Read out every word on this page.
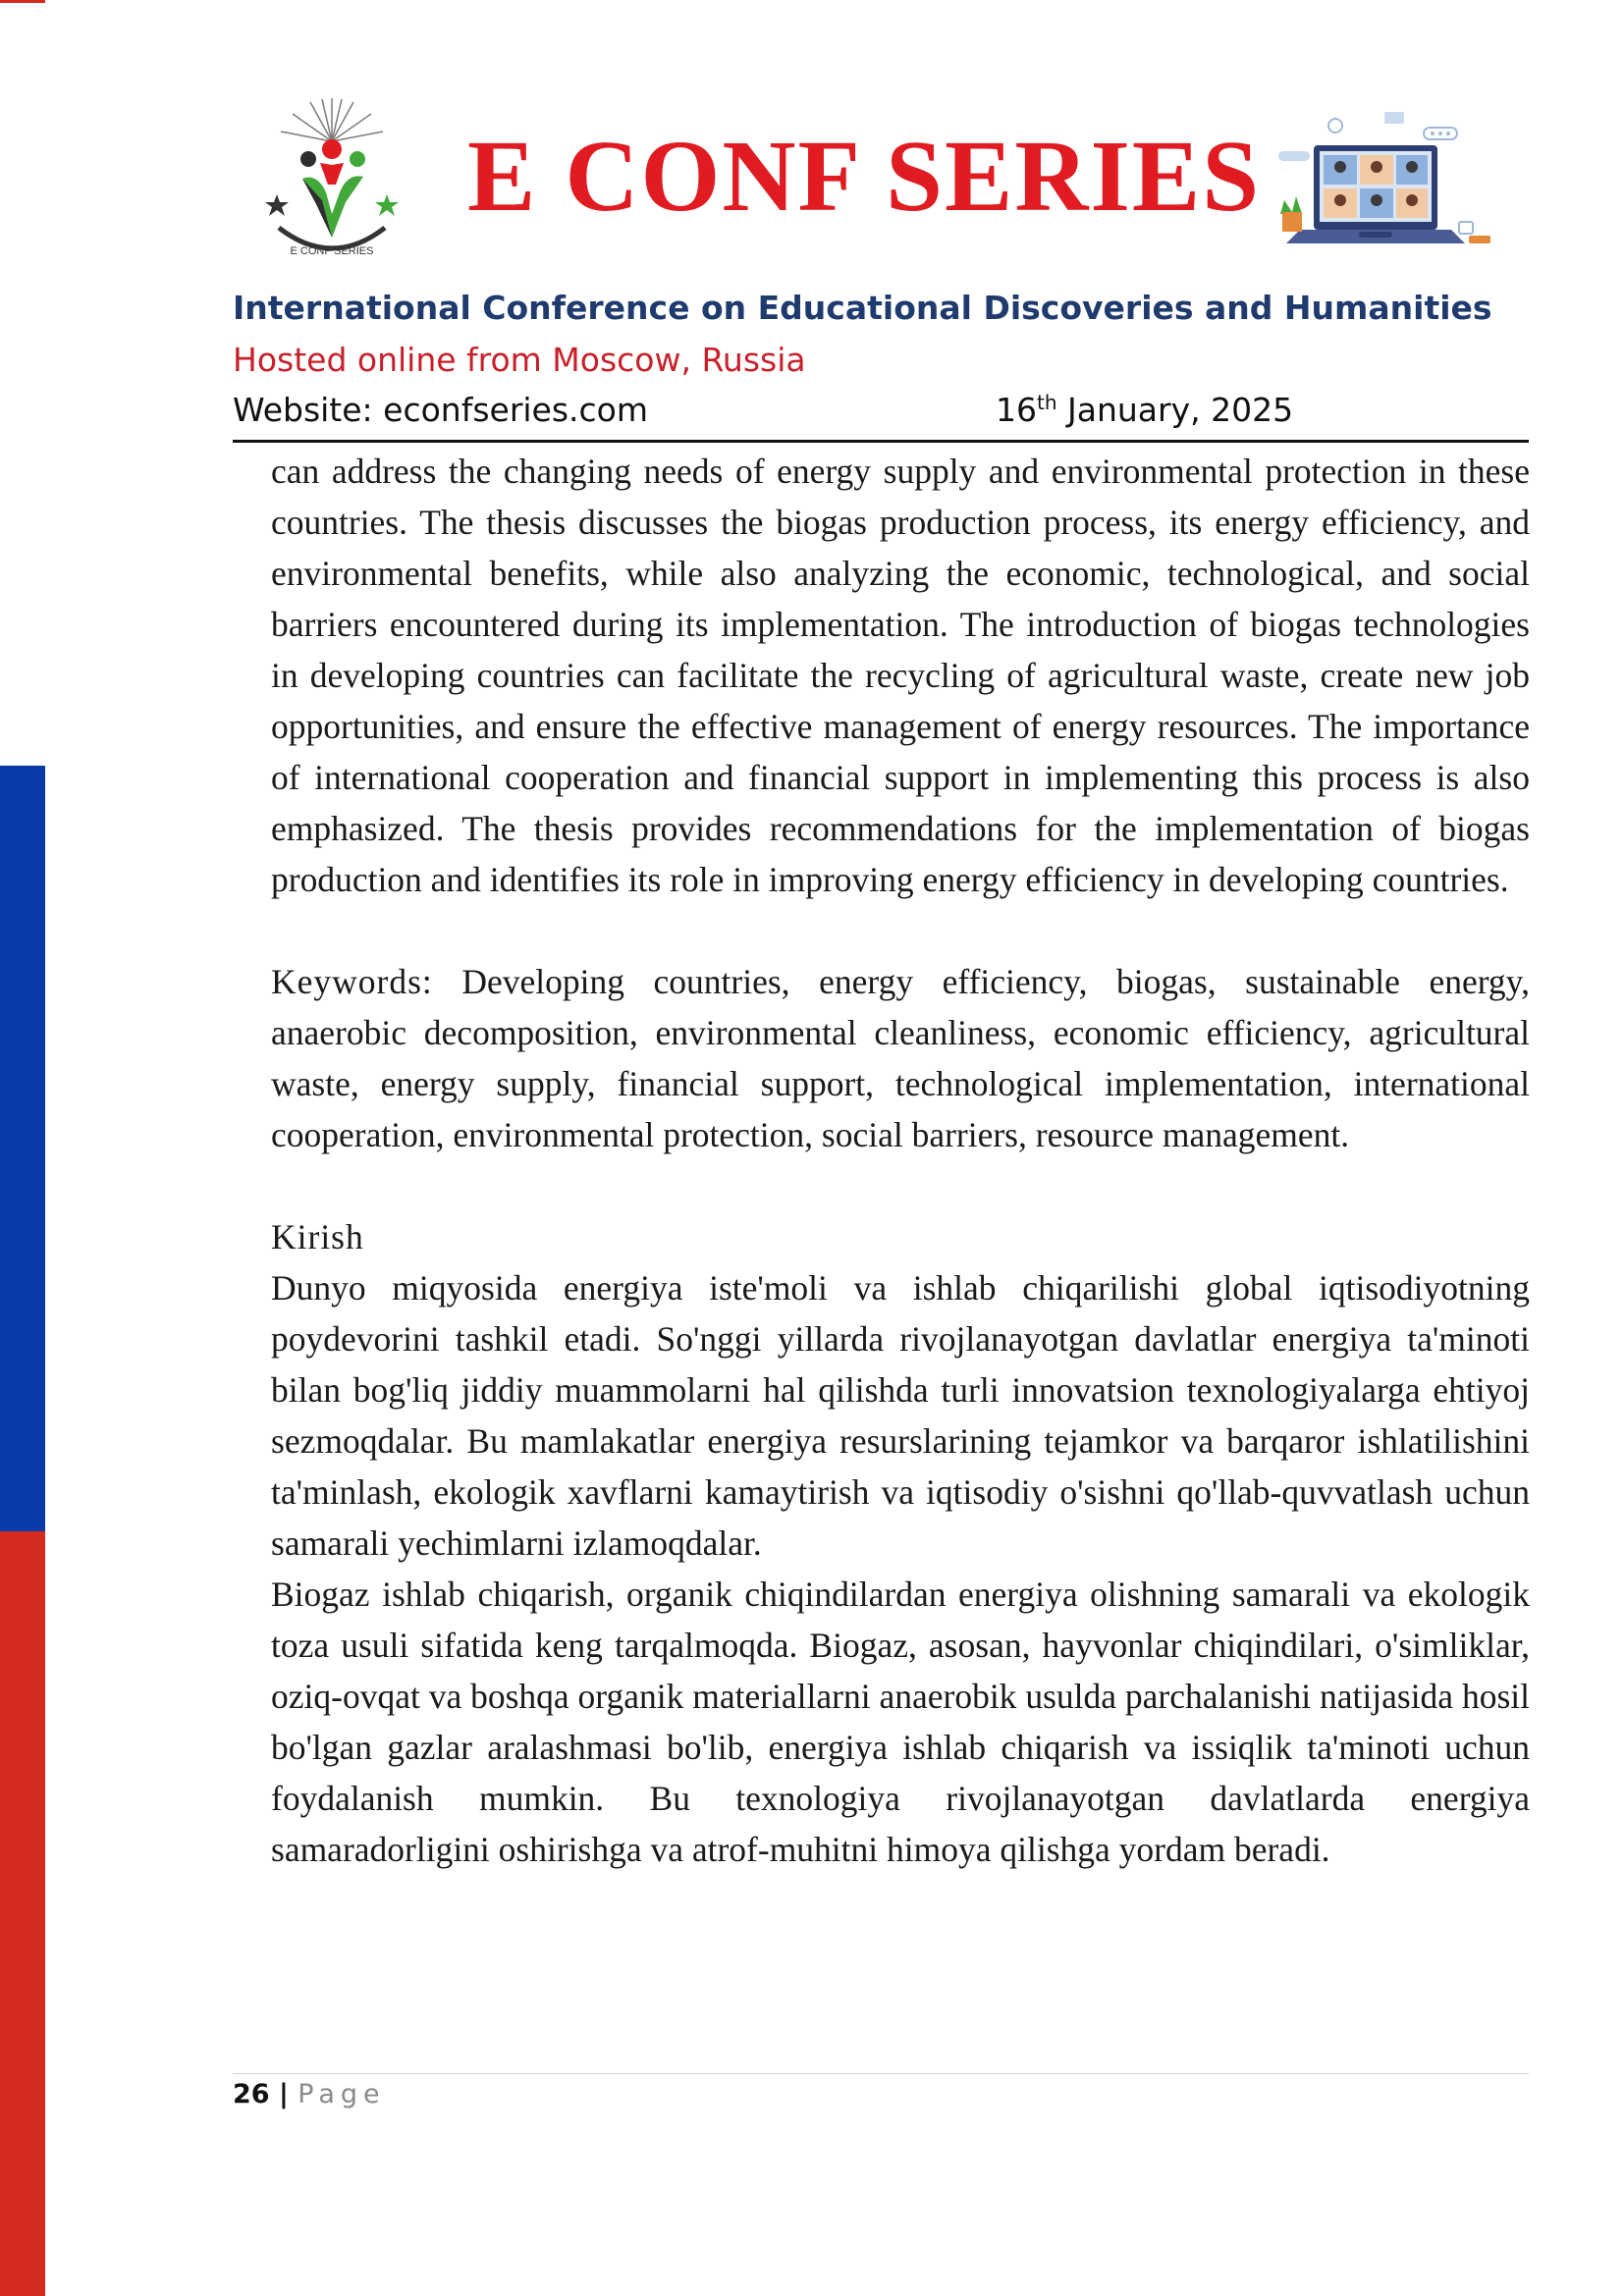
E CONF SERIES
E CONF SERIES
International Conference on Educational Discoveries and Humanities
Hosted online from Moscow, Russia
Website: econfseries.com	16th January, 2025

can address the changing needs of energy supply and environmental protection in these countries. The thesis discusses the biogas production process, its energy efficiency, and environmental benefits, while also analyzing the economic, technological, and social barriers encountered during its implementation. The introduction of biogas technologies in developing countries can facilitate the recycling of agricultural waste, create new job opportunities, and ensure the effective management of energy resources. The importance of international cooperation and financial support in implementing this process is also emphasized. The thesis provides recommendations for the implementation of biogas production and identifies its role in improving energy efficiency in developing countries.

Keywords: Developing countries, energy efficiency, biogas, sustainable energy, anaerobic decomposition, environmental cleanliness, economic efficiency, agricultural waste, energy supply, financial support, technological implementation, international cooperation, environmental protection, social barriers, resource management.

Kirish

Dunyo miqyosida energiya iste'moli va ishlab chiqarilishi global iqtisodiyotning poydevorini tashkil etadi. So'nggi yillarda rivojlanayotgan davlatlar energiya ta'minoti bilan bog'liq jiddiy muammolarni hal qilishda turli innovatsion texnologiyalarga ehtiyoj sezmoqdalar. Bu mamlakatlar energiya resurslarining tejamkor va barqaror ishlatilishini ta'minlash, ekologik xavflarni kamaytirish va iqtisodiy o'sishni qo'llab-quvvatlash uchun samarali yechimlarni izlamoqdalar.

Biogaz ishlab chiqarish, organik chiqindilardan energiya olishning samarali va ekologik toza usuli sifatida keng tarqalmoqda. Biogaz, asosan, hayvonlar chiqindilari, o'simliklar, oziq-ovqat va boshqa organik materiallarni anaerobik usulda parchalanishi natijasida hosil bo'lgan gazlar aralashmasi bo'lib, energiya ishlab chiqarish va issiqlik ta'minoti uchun foydalanish mumkin. Bu texnologiya rivojlanayotgan davlatlarda energiya samaradorligini oshirishga va atrof-muhitni himoya qilishga yordam beradi.

26 | Page
